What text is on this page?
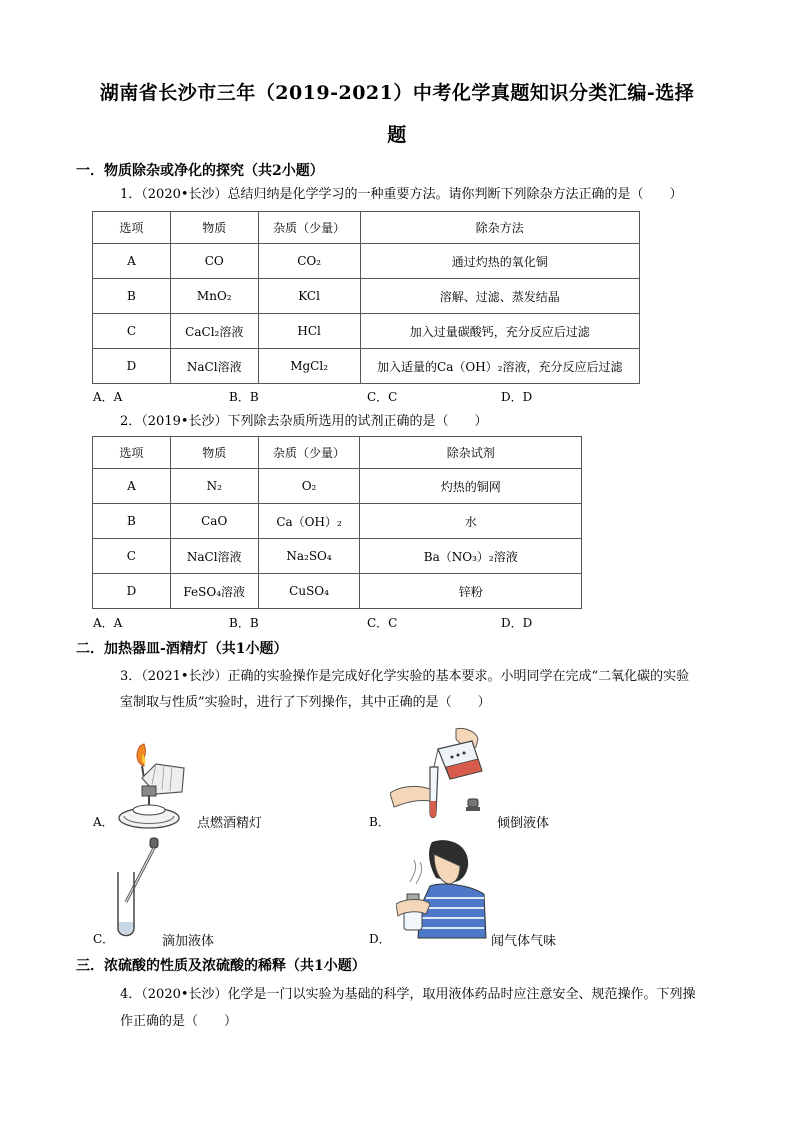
湖南省长沙市三年（2019-2021）中考化学真题知识分类汇编-选择
题
一．物质除杂或净化的探究（共2小题）
1．（2020•长沙）总结归纳是化学学习的一种重要方法。请你判断下列除杂方法正确的是（　　）
选项	物质	杂质（少量）	除杂方法
A	CO	CO₂	通过灼热的氧化铜
B	MnO₂	KCl	溶解、过滤、蒸发结晶
C	CaCl₂溶液	HCl	加入过量碳酸钙，充分反应后过滤
D	NaCl溶液	MgCl₂	加入适量的Ca（OH）₂溶液，充分反应后过滤
A．A	B．B	C．C	D．D
2．（2019•长沙）下列除去杂质所选用的试剂正确的是（　　）
选项	物质	杂质（少量）	除杂试剂
A	N₂	O₂	灼热的铜网
B	CaO	Ca（OH）₂	水
C	NaCl溶液	Na₂SO₄	Ba（NO₃）₂溶液
D	FeSO₄溶液	CuSO₄	锌粉
A．A	B．B	C．C	D．D
二．加热器皿-酒精灯（共1小题）
3．（2021•长沙）正确的实验操作是完成好化学实验的基本要求。小明同学在完成“二氧化碳的实验
室制取与性质”实验时，进行了下列操作，其中正确的是（　　）
A．	点燃酒精灯	B．	倾倒液体
C．	滴加液体	D．	闻气体气味
三．浓硫酸的性质及浓硫酸的稀释（共1小题）
4．（2020•长沙）化学是一门以实验为基础的科学，取用液体药品时应注意安全、规范操作。下列操
作正确的是（　　）
